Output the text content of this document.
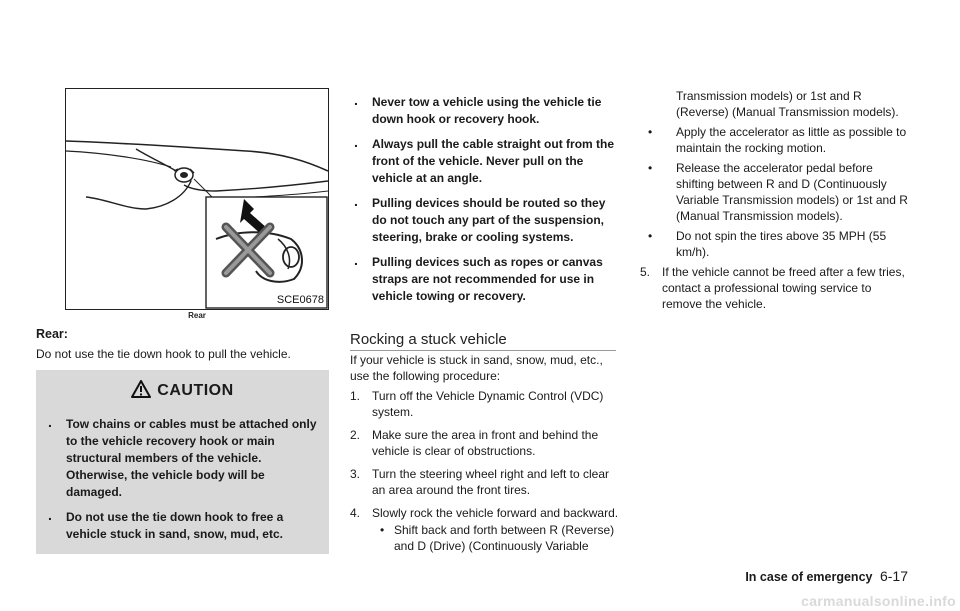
SCE0678
Rear
Rear:
Do not use the tie down hook to pull the vehicle.
CAUTION
. Tow chains or cables must be attached only to the vehicle recovery hook or main structural members of the vehicle. Otherwise, the vehicle body will be damaged.
. Do not use the tie down hook to free a vehicle stuck in sand, snow, mud, etc.
. Never tow a vehicle using the vehicle tie down hook or recovery hook.
. Always pull the cable straight out from the front of the vehicle. Never pull on the vehicle at an angle.
. Pulling devices should be routed so they do not touch any part of the suspension, steering, brake or cooling systems.
. Pulling devices such as ropes or canvas straps are not recommended for use in vehicle towing or recovery.
Rocking a stuck vehicle
If your vehicle is stuck in sand, snow, mud, etc., use the following procedure:
1. Turn off the Vehicle Dynamic Control (VDC) system.
2. Make sure the area in front and behind the vehicle is clear of obstructions.
3. Turn the steering wheel right and left to clear an area around the front tires.
4. Slowly rock the vehicle forward and backward.
• Shift back and forth between R (Reverse) and D (Drive) (Continuously Variable
Transmission models) or 1st and R (Reverse) (Manual Transmission models).
• Apply the accelerator as little as possible to maintain the rocking motion.
• Release the accelerator pedal before shifting between R and D (Continuously Variable Transmission models) or 1st and R (Manual Transmission models).
• Do not spin the tires above 35 MPH (55 km/h).
5. If the vehicle cannot be freed after a few tries, contact a professional towing service to remove the vehicle.
In case of emergency 6-17
carmanualsonline.info
